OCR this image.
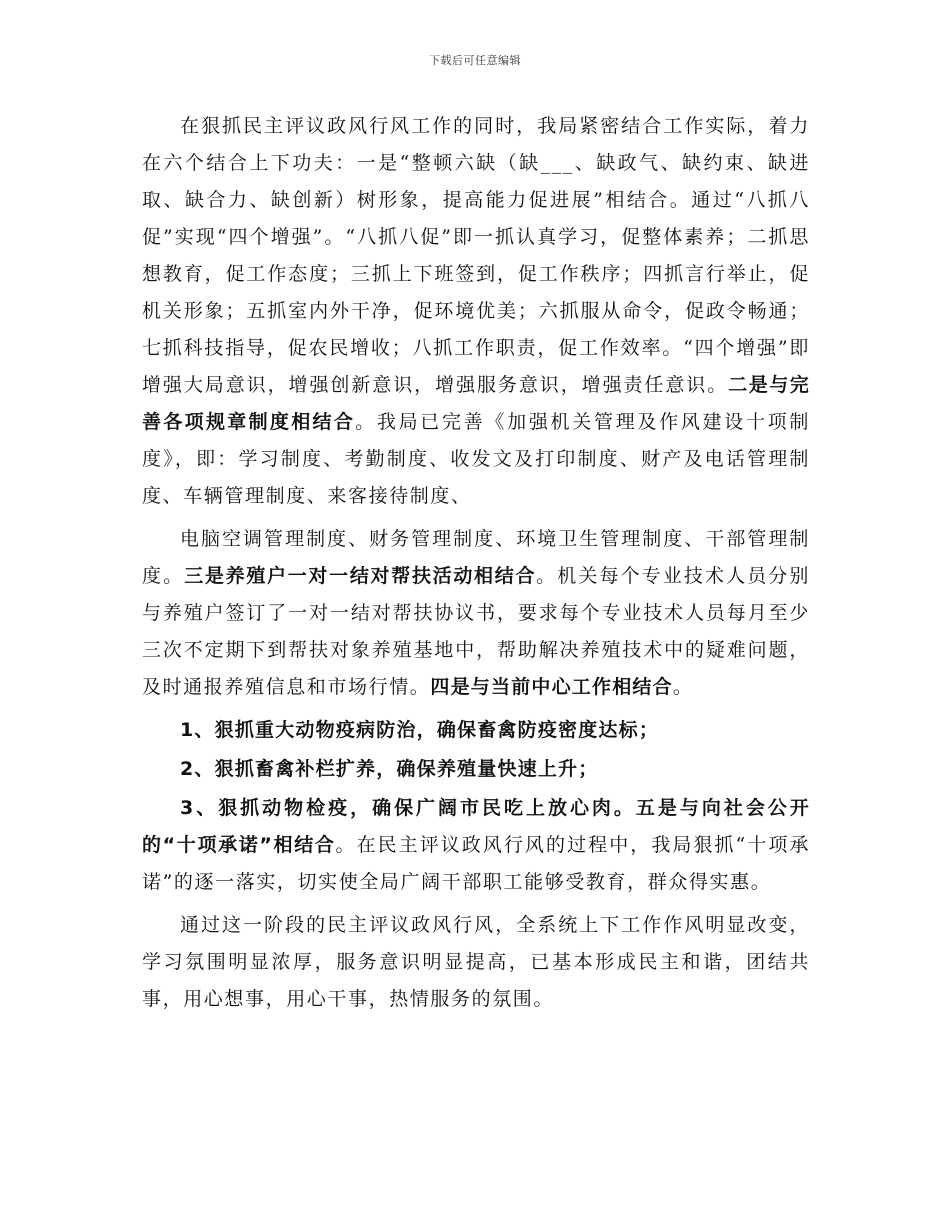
下载后可任意编辑

在狠抓民主评议政风行风工作的同时，我局紧密结合工作实际，着力在六个结合上下功夫：一是“整顿六缺（缺___、缺政气、缺约束、缺进取、缺合力、缺创新）树形象，提高能力促进展”相结合。通过“八抓八促”实现“四个增强”。“八抓八促”即一抓认真学习，促整体素养；二抓思想教育，促工作态度；三抓上下班签到，促工作秩序；四抓言行举止，促机关形象；五抓室内外干净，促环境优美；六抓服从命令，促政令畅通；七抓科技指导，促农民增收；八抓工作职责，促工作效率。“四个增强”即增强大局意识，增强创新意识，增强服务意识，增强责任意识。二是与完善各项规章制度相结合。我局已完善《加强机关管理及作风建设十项制度》，即：学习制度、考勤制度、收发文及打印制度、财产及电话管理制度、车辆管理制度、来客接待制度、

电脑空调管理制度、财务管理制度、环境卫生管理制度、干部管理制度。三是养殖户一对一结对帮扶活动相结合。机关每个专业技术人员分别与养殖户签订了一对一结对帮扶协议书，要求每个专业技术人员每月至少三次不定期下到帮扶对象养殖基地中，帮助解决养殖技术中的疑难问题，及时通报养殖信息和市场行情。四是与当前中心工作相结合。

1、狠抓重大动物疫病防治，确保畜禽防疫密度达标；

2、狠抓畜禽补栏扩养，确保养殖量快速上升；

3、狠抓动物检疫，确保广阔市民吃上放心肉。五是与向社会公开的“十项承诺”相结合。在民主评议政风行风的过程中，我局狠抓“十项承诺”的逐一落实，切实使全局广阔干部职工能够受教育，群众得实惠。

通过这一阶段的民主评议政风行风，全系统上下工作作风明显改变，学习氛围明显浓厚，服务意识明显提高，已基本形成民主和谐，团结共事，用心想事，用心干事，热情服务的氛围。
